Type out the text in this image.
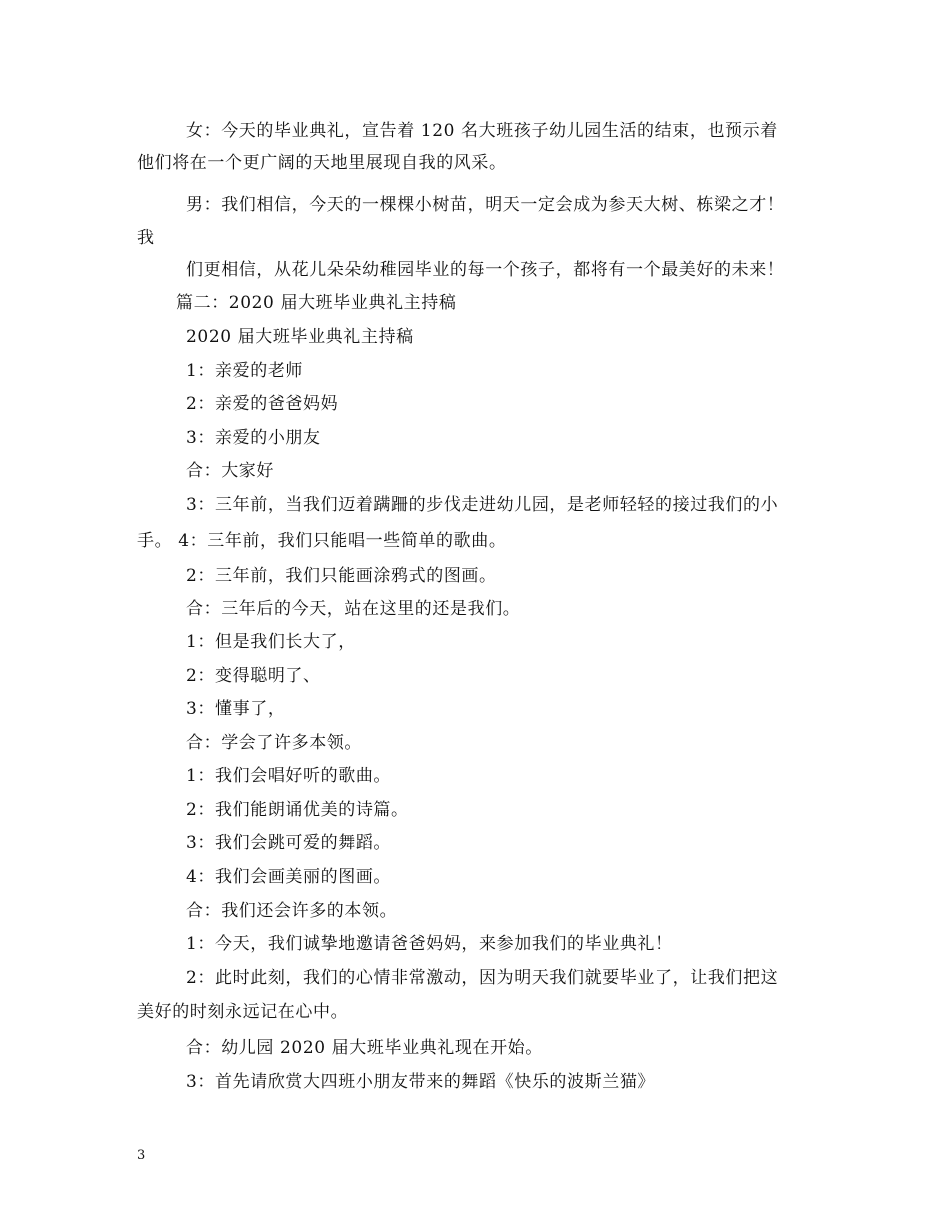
女：今天的毕业典礼，宣告着 120 名大班孩子幼儿园生活的结束，也预示着
他们将在一个更广阔的天地里展现自我的风采。
男：我们相信，今天的一棵棵小树苗，明天一定会成为参天大树、栋梁之才！
我
们更相信，从花儿朵朵幼稚园毕业的每一个孩子，都将有一个最美好的未来！
篇二：2020 届大班毕业典礼主持稿
2020 届大班毕业典礼主持稿
1：亲爱的老师
2：亲爱的爸爸妈妈
3：亲爱的小朋友
合：大家好
3：三年前，当我们迈着蹒跚的步伐走进幼儿园，是老师轻轻的接过我们的小
手。 4：三年前，我们只能唱一些简单的歌曲。
2：三年前，我们只能画涂鸦式的图画。
合：三年后的今天，站在这里的还是我们。
1：但是我们长大了，
2：变得聪明了、
3：懂事了，
合：学会了许多本领。
1：我们会唱好听的歌曲。
2：我们能朗诵优美的诗篇。
3：我们会跳可爱的舞蹈。
4：我们会画美丽的图画。
合：我们还会许多的本领。
1：今天，我们诚挚地邀请爸爸妈妈，来参加我们的毕业典礼！
2：此时此刻，我们的心情非常激动，因为明天我们就要毕业了，让我们把这
美好的时刻永远记在心中。
合：幼儿园 2020 届大班毕业典礼现在开始。
3：首先请欣赏大四班小朋友带来的舞蹈《快乐的波斯兰猫》
3
